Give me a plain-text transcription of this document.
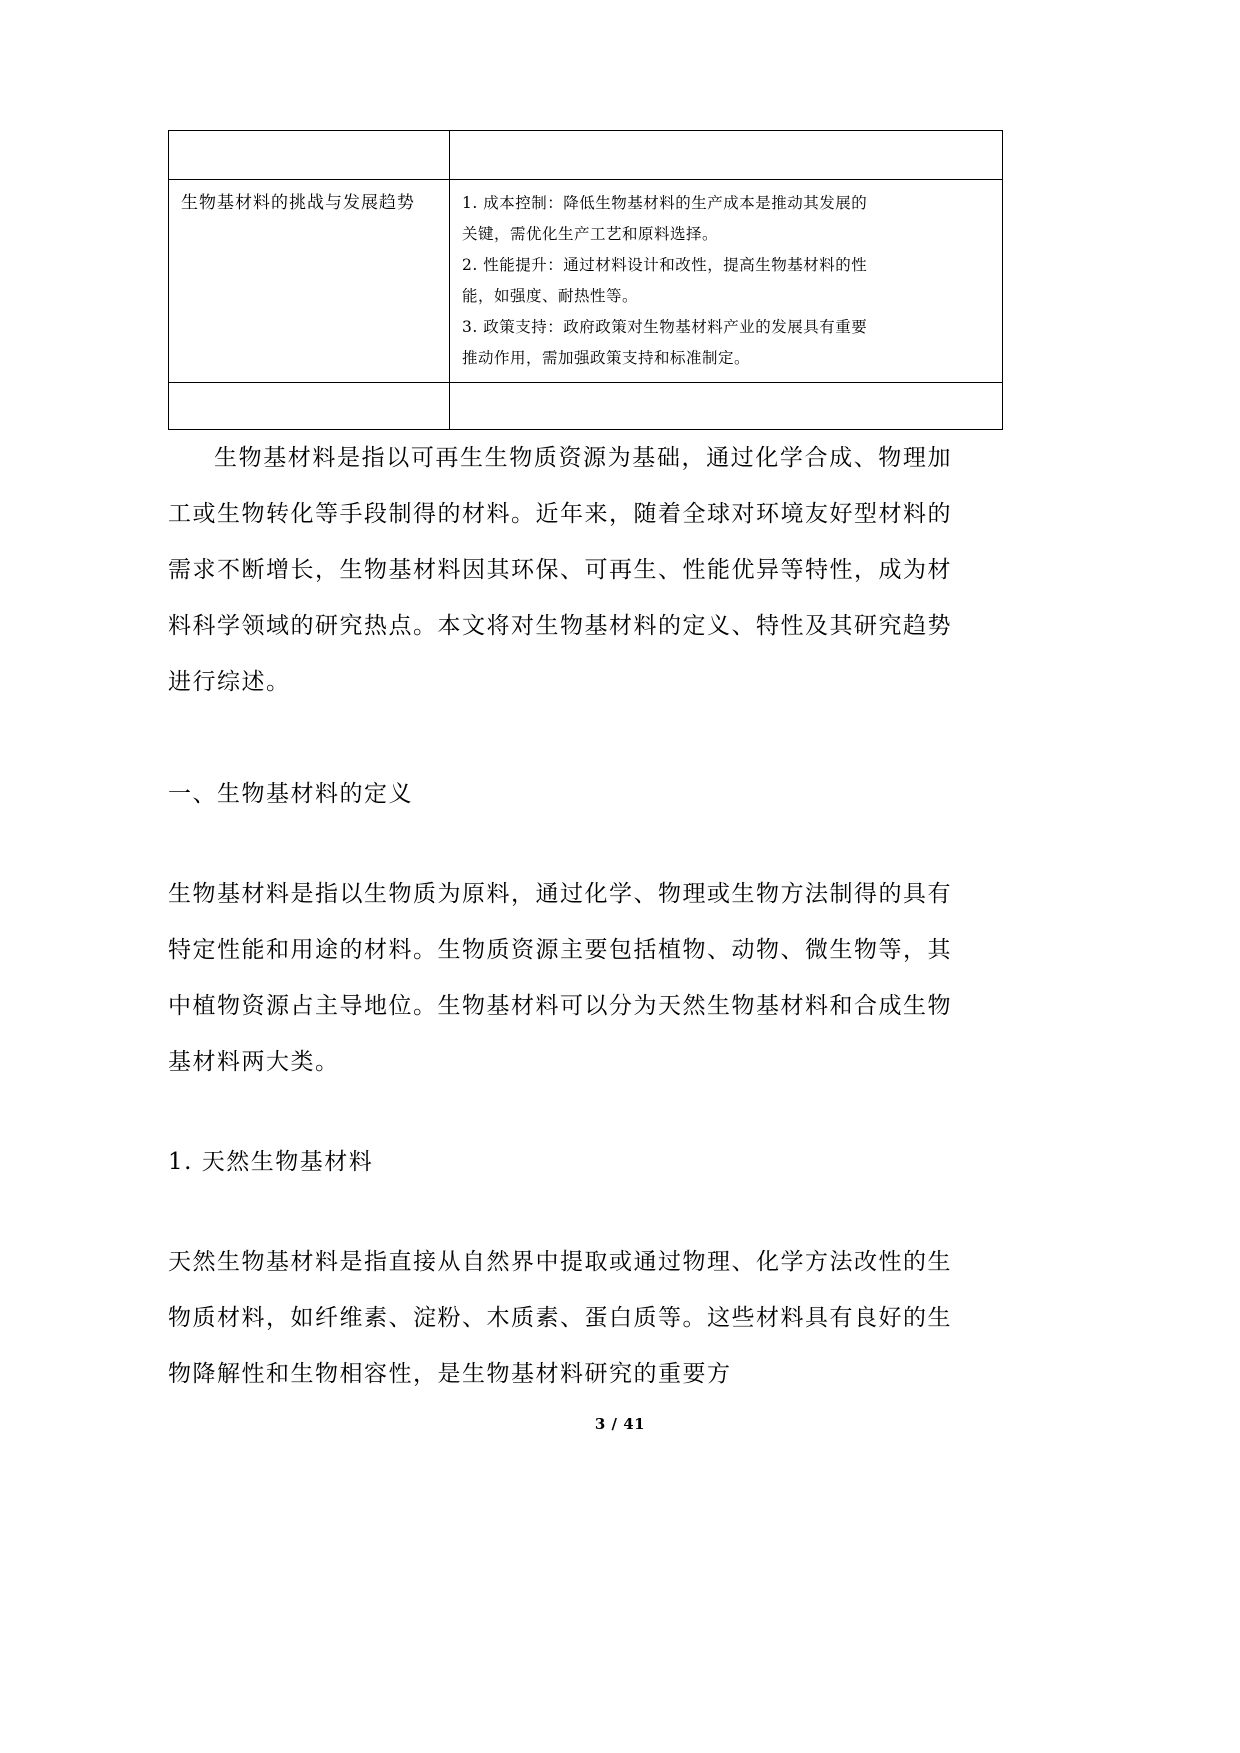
生物基材料的挑战与发展趋势	1. 成本控制：降低生物基材料的生产成本是推动其发展的
关键，需优化生产工艺和原料选择。
2. 性能提升：通过材料设计和改性，提高生物基材料的性
能，如强度、耐热性等。
3. 政策支持：政府政策对生物基材料产业的发展具有重要
推动作用，需加强政策支持和标准制定。

生物基材料是指以可再生生物质资源为基础，通过化学合成、物理加工或生物转化等手段制得的材料。近年来，随着全球对环境友好型材料的需求不断增长，生物基材料因其环保、可再生、性能优异等特性，成为材料科学领域的研究热点。本文将对生物基材料的定义、特性及其研究趋势进行综述。

一、生物基材料的定义

生物基材料是指以生物质为原料，通过化学、物理或生物方法制得的具有特定性能和用途的材料。生物质资源主要包括植物、动物、微生物等，其中植物资源占主导地位。生物基材料可以分为天然生物基材料和合成生物基材料两大类。

1. 天然生物基材料

天然生物基材料是指直接从自然界中提取或通过物理、化学方法改性的生物质材料，如纤维素、淀粉、木质素、蛋白质等。这些材料具有良好的生物降解性和生物相容性，是生物基材料研究的重要方

3 / 41
